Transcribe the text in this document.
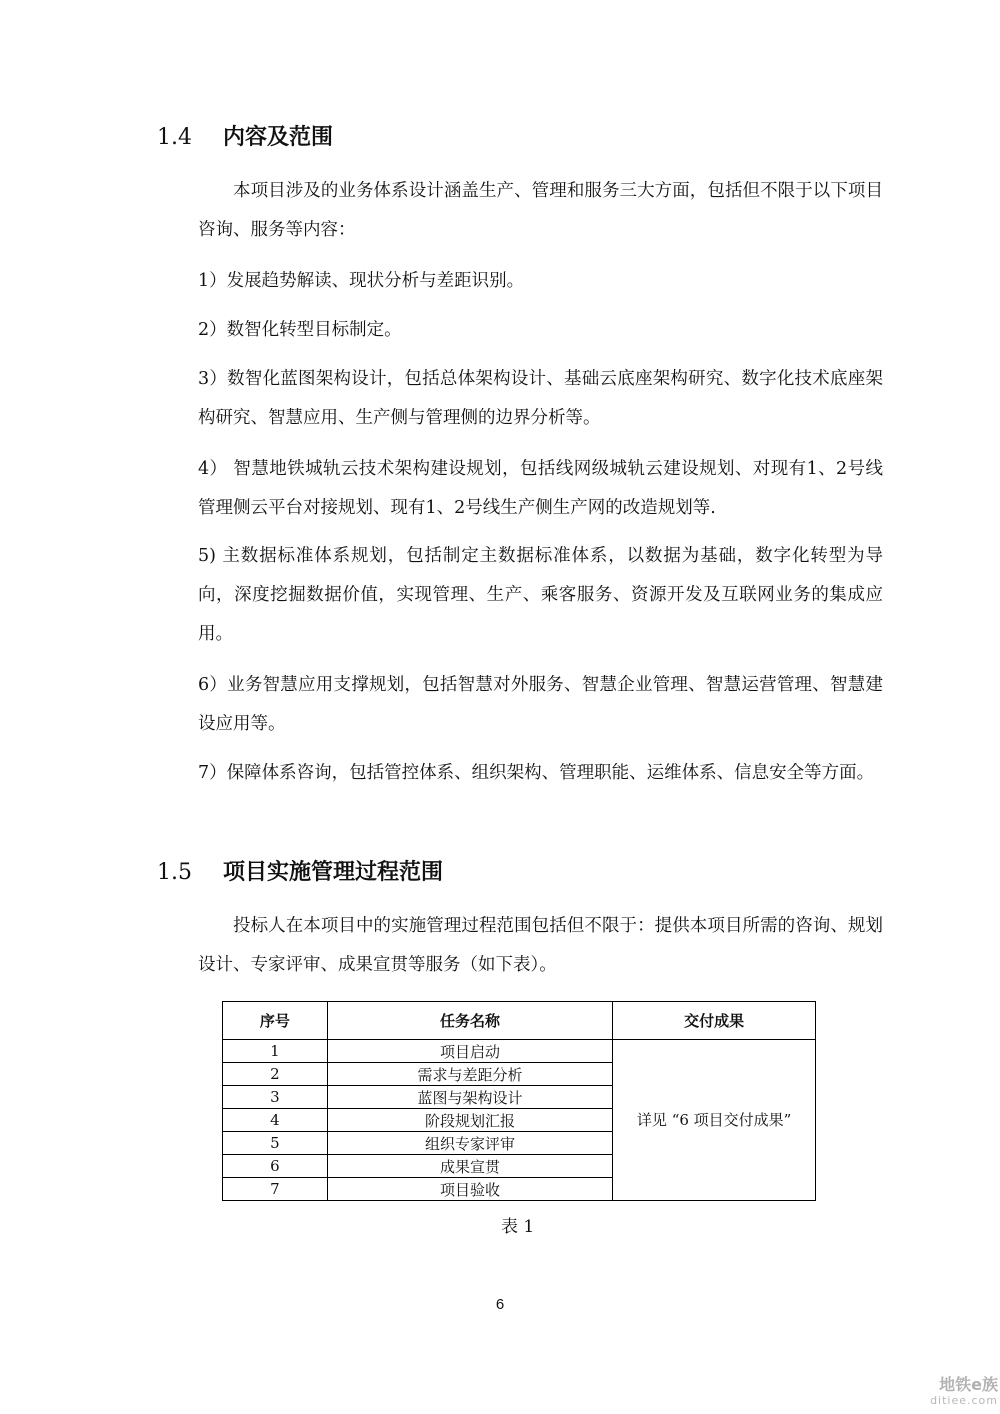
1.4	内容及范围

本项目涉及的业务体系设计涵盖生产、管理和服务三大方面，包括但不限于以下项目咨询、服务等内容：

1）发展趋势解读、现状分析与差距识别。

2）数智化转型目标制定。

3）数智化蓝图架构设计，包括总体架构设计、基础云底座架构研究、数字化技术底座架构研究、智慧应用、生产侧与管理侧的边界分析等。

4） 智慧地铁城轨云技术架构建设规划，包括线网级城轨云建设规划、对现有1、2号线管理侧云平台对接规划、现有1、2号线生产侧生产网的改造规划等.

5) 主数据标准体系规划，包括制定主数据标准体系，以数据为基础，数字化转型为导向，深度挖掘数据价值，实现管理、生产、乘客服务、资源开发及互联网业务的集成应用。

6）业务智慧应用支撑规划，包括智慧对外服务、智慧企业管理、智慧运营管理、智慧建设应用等。

7）保障体系咨询，包括管控体系、组织架构、管理职能、运维体系、信息安全等方面。

1.5	项目实施管理过程范围

投标人在本项目中的实施管理过程范围包括但不限于：提供本项目所需的咨询、规划设计、专家评审、成果宣贯等服务（如下表）。

序号	任务名称	交付成果
1	项目启动	详见 “6 项目交付成果”
2	需求与差距分析	
3	蓝图与架构设计	
4	阶段规划汇报	
5	组织专家评审	
6	成果宣贯	
7	项目验收	

表 1

6
地铁e族
ditiee.com
